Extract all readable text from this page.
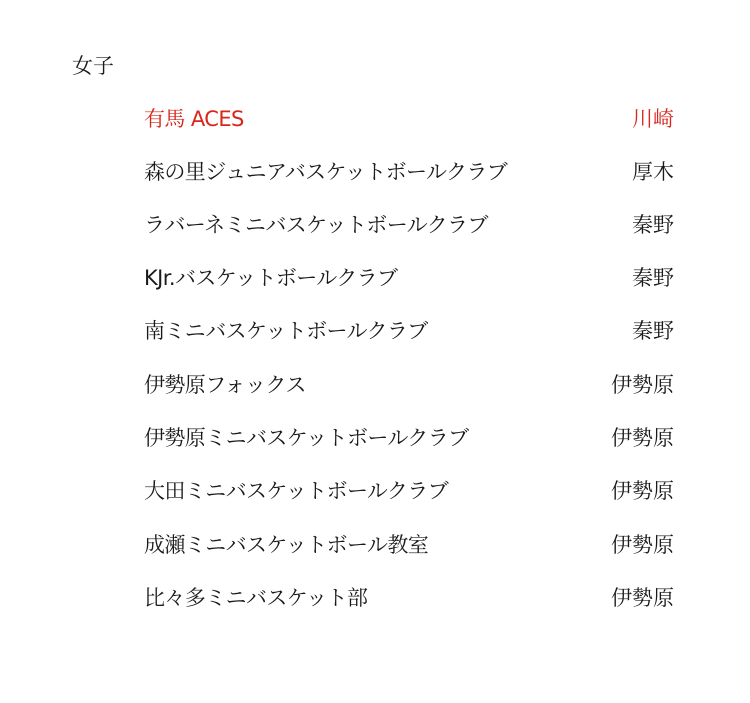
女子
有馬 ACES	川崎
森の里ジュニアバスケットボールクラブ	厚木
ラバーネミニバスケットボールクラブ	秦野
KJr.バスケットボールクラブ	秦野
南ミニバスケットボールクラブ	秦野
伊勢原フォックス	伊勢原
伊勢原ミニバスケットボールクラブ	伊勢原
大田ミニバスケットボールクラブ	伊勢原
成瀬ミニバスケットボール教室	伊勢原
比々多ミニバスケット部	伊勢原
